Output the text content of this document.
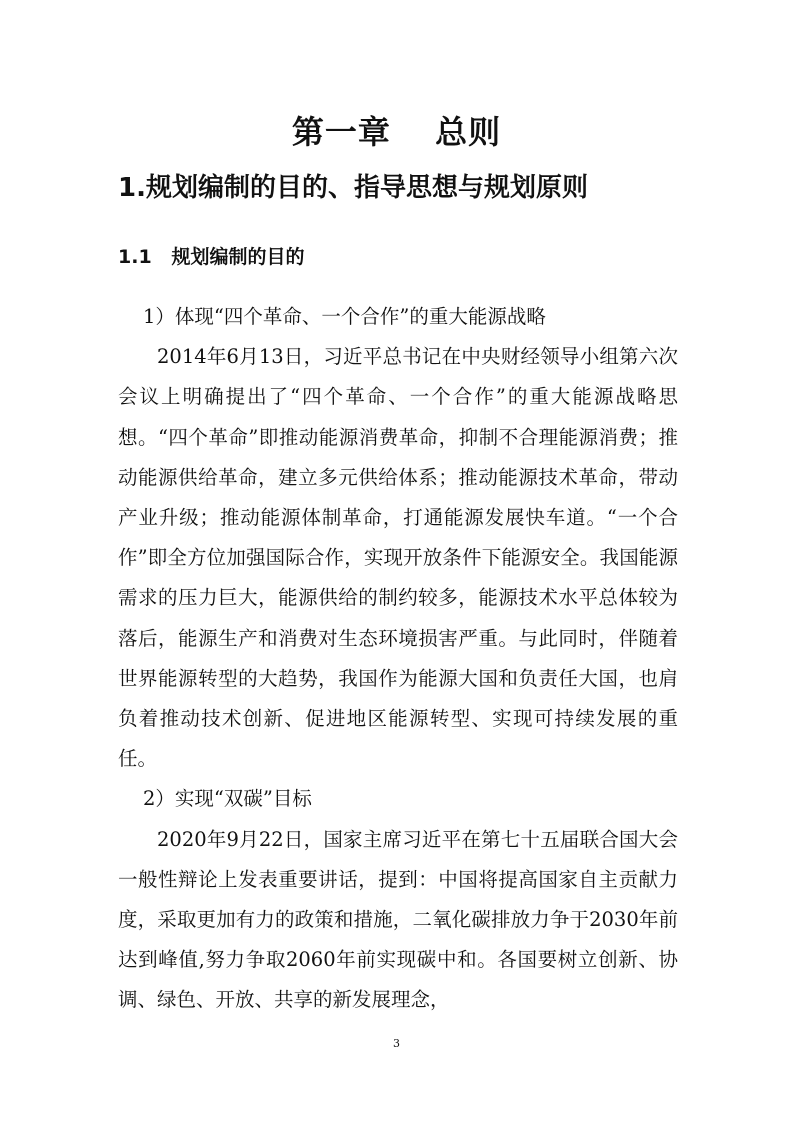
第一章  总则
1.规划编制的目的、指导思想与规划原则
1.1   规划编制的目的

1）体现“四个革命、一个合作”的重大能源战略

2014年6月13日，习近平总书记在中央财经领导小组第六次会议上明确提出了“四个革命、一个合作”的重大能源战略思想。“四个革命”即推动能源消费革命，抑制不合理能源消费；推动能源供给革命，建立多元供给体系；推动能源技术革命，带动产业升级；推动能源体制革命，打通能源发展快车道。“一个合作”即全方位加强国际合作，实现开放条件下能源安全。我国能源需求的压力巨大，能源供给的制约较多，能源技术水平总体较为落后，能源生产和消费对生态环境损害严重。与此同时，伴随着世界能源转型的大趋势，我国作为能源大国和负责任大国，也肩负着推动技术创新、促进地区能源转型、实现可持续发展的重任。

2）实现“双碳”目标

2020年9月22日，国家主席习近平在第七十五届联合国大会一般性辩论上发表重要讲话，提到：中国将提高国家自主贡献力度，采取更加有力的政策和措施，二氧化碳排放力争于2030年前达到峰值,努力争取2060年前实现碳中和。各国要树立创新、协调、绿色、开放、共享的新发展理念，

3
